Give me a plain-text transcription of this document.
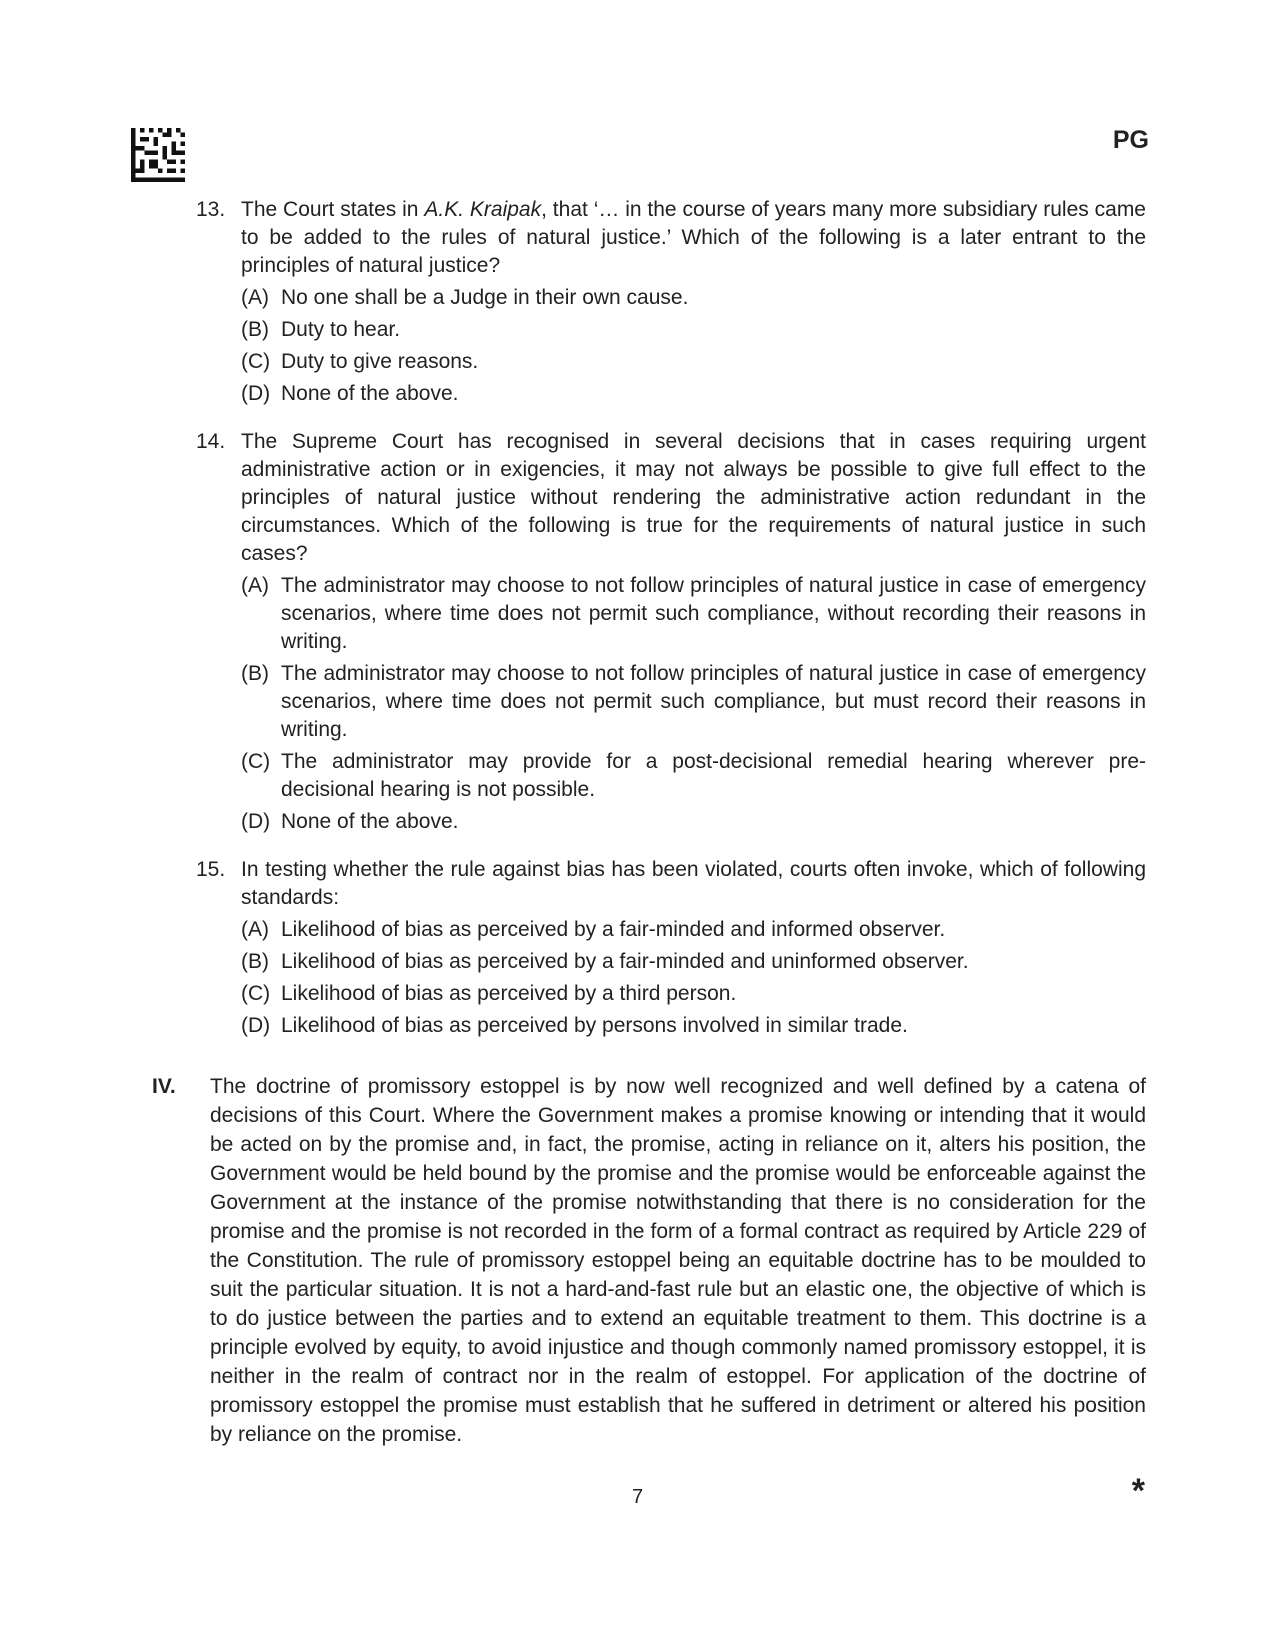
PG
13. The Court states in A.K. Kraipak, that ‘… in the course of years many more subsidiary rules came to be added to the rules of natural justice.’ Which of the following is a later entrant to the principles of natural justice?
(A) No one shall be a Judge in their own cause.
(B) Duty to hear.
(C) Duty to give reasons.
(D) None of the above.
14. The Supreme Court has recognised in several decisions that in cases requiring urgent administrative action or in exigencies, it may not always be possible to give full effect to the principles of natural justice without rendering the administrative action redundant in the circumstances. Which of the following is true for the requirements of natural justice in such cases?
(A) The administrator may choose to not follow principles of natural justice in case of emergency scenarios, where time does not permit such compliance, without recording their reasons in writing.
(B) The administrator may choose to not follow principles of natural justice in case of emergency scenarios, where time does not permit such compliance, but must record their reasons in writing.
(C) The administrator may provide for a post-decisional remedial hearing wherever pre-decisional hearing is not possible.
(D) None of the above.
15. In testing whether the rule against bias has been violated, courts often invoke, which of following standards:
(A) Likelihood of bias as perceived by a fair-minded and informed observer.
(B) Likelihood of bias as perceived by a fair-minded and uninformed observer.
(C) Likelihood of bias as perceived by a third person.
(D) Likelihood of bias as perceived by persons involved in similar trade.
IV. The doctrine of promissory estoppel is by now well recognized and well defined by a catena of decisions of this Court. Where the Government makes a promise knowing or intending that it would be acted on by the promise and, in fact, the promise, acting in reliance on it, alters his position, the Government would be held bound by the promise and the promise would be enforceable against the Government at the instance of the promise notwithstanding that there is no consideration for the promise and the promise is not recorded in the form of a formal contract as required by Article 229 of the Constitution. The rule of promissory estoppel being an equitable doctrine has to be moulded to suit the particular situation. It is not a hard-and-fast rule but an elastic one, the objective of which is to do justice between the parties and to extend an equitable treatment to them. This doctrine is a principle evolved by equity, to avoid injustice and though commonly named promissory estoppel, it is neither in the realm of contract nor in the realm of estoppel. For application of the doctrine of promissory estoppel the promise must establish that he suffered in detriment or altered his position by reliance on the promise.
7	*
